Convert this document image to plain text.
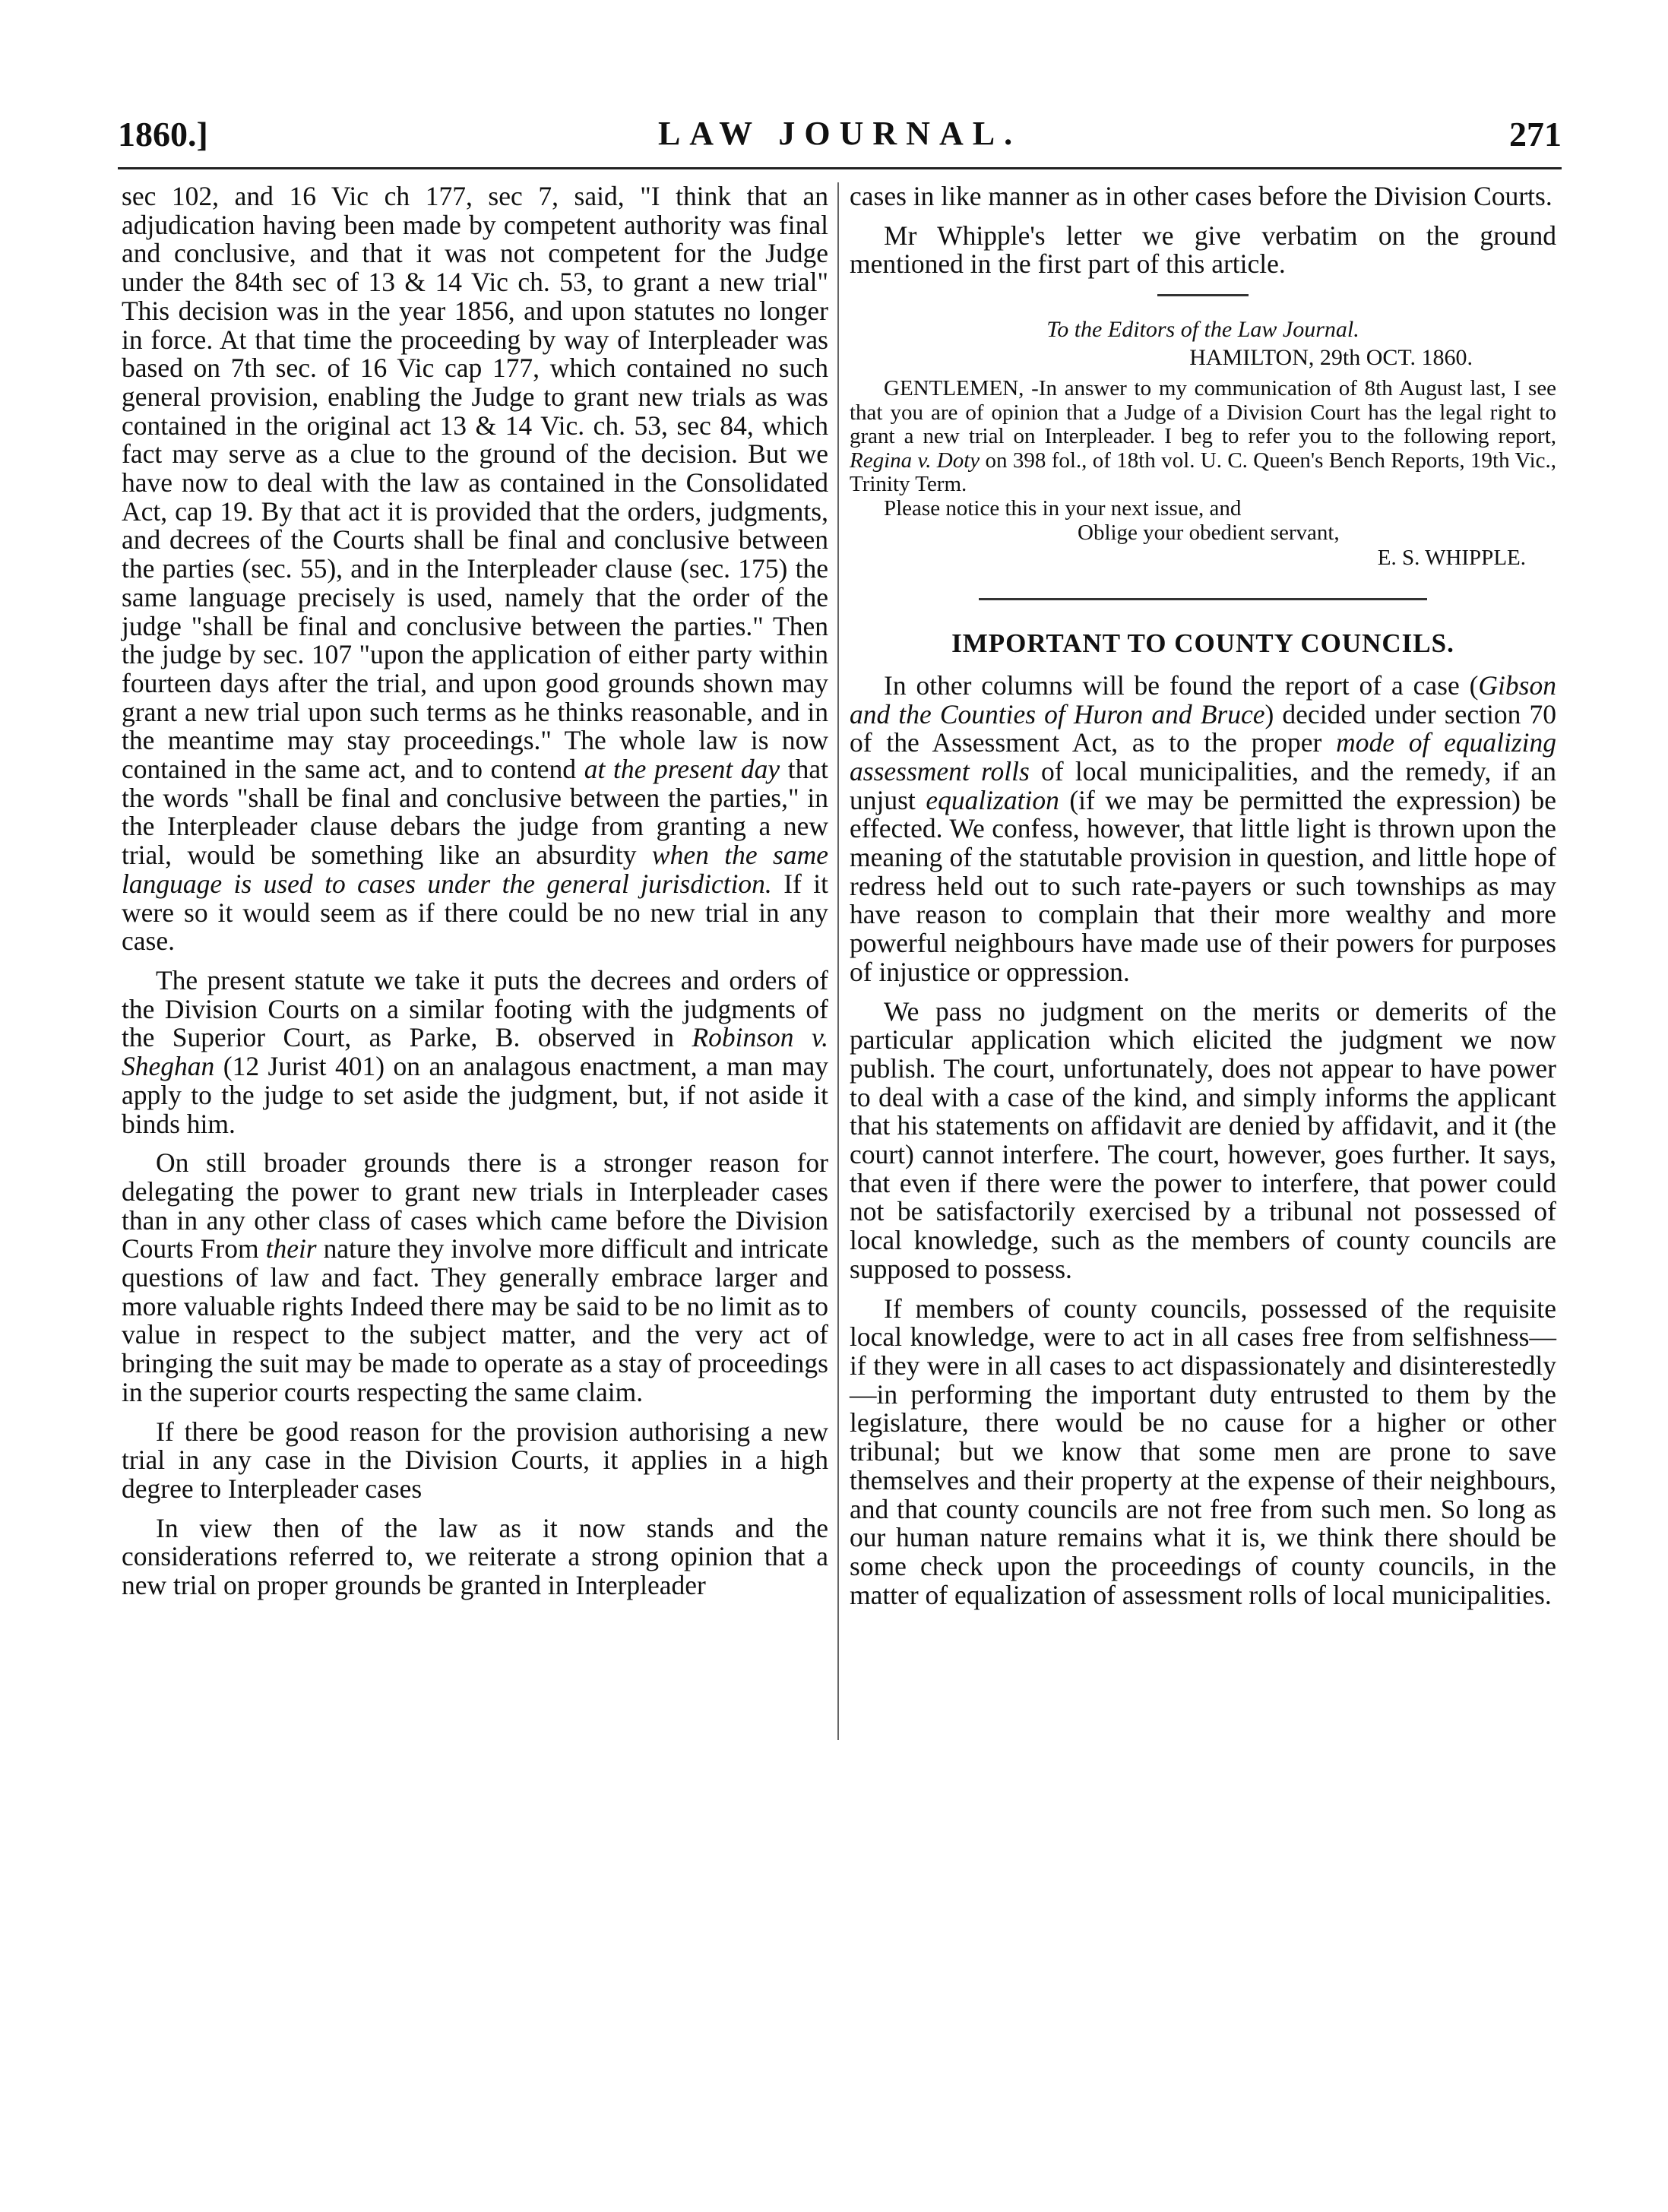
1860.]	LAW JOURNAL.	271

sec 102, and 16 Vic ch 177, sec 7, said, "I think that an adjudication having been made by competent authority was final and conclusive, and that it was not competent for the Judge under the 84th sec of 13 & 14 Vic ch. 53, to grant a new trial" This decision was in the year 1856, and upon statutes no longer in force. At that time the proceeding by way of Interpleader was based on 7th sec. of 16 Vic cap 177, which contained no such general provision, enabling the Judge to grant new trials as was contained in the original act 13 & 14 Vic. ch. 53, sec 84, which fact may serve as a clue to the ground of the decision. But we have now to deal with the law as contained in the Consolidated Act, cap 19. By that act it is provided that the orders, judgments, and decrees of the Courts shall be final and conclusive between the parties (sec. 55), and in the Interpleader clause (sec. 175) the same language precisely is used, namely that the order of the judge "shall be final and conclusive between the parties." Then the judge by sec. 107 "upon the application of either party within fourteen days after the trial, and upon good grounds shown may grant a new trial upon such terms as he thinks reasonable, and in the meantime may stay proceedings." The whole law is now contained in the same act, and to contend at the present day that the words "shall be final and conclusive between the parties," in the Interpleader clause debars the judge from granting a new trial, would be something like an absurdity when the same language is used to cases under the general jurisdiction. If it were so it would seem as if there could be no new trial in any case.

The present statute we take it puts the decrees and orders of the Division Courts on a similar footing with the judgments of the Superior Court, as Parke, B. observed in Robinson v. Sheghan (12 Jurist 401) on an analagous enactment, a man may apply to the judge to set aside the judgment, but, if not aside it binds him.

On still broader grounds there is a stronger reason for delegating the power to grant new trials in Interpleader cases than in any other class of cases which came before the Division Courts From their nature they involve more difficult and intricate questions of law and fact. They generally embrace larger and more valuable rights Indeed there may be said to be no limit as to value in respect to the subject matter, and the very act of bringing the suit may be made to operate as a stay of proceedings in the superior courts respecting the same claim.

If there be good reason for the provision authorising a new trial in any case in the Division Courts, it applies in a high degree to Interpleader cases

In view then of the law as it now stands and the considerations referred to, we reiterate a strong opinion that a new trial on proper grounds be granted in Interpleader

cases in like manner as in other cases before the Division Courts.

Mr Whipple's letter we give verbatim on the ground mentioned in the first part of this article.

To the Editors of the Law Journal.
HAMILTON, 29th OCT. 1860.

GENTLEMEN, -In answer to my communication of 8th August last, I see that you are of opinion that a Judge of a Division Court has the legal right to grant a new trial on Interpleader. I beg to refer you to the following report, Regina v. Doty on 398 fol., of 18th vol. U. C. Queen's Bench Reports, 19th Vic., Trinity Term.

Please notice this in your next issue, and

Oblige your obedient servant,
E. S. WHIPPLE.
IMPORTANT TO COUNTY COUNCILS.

In other columns will be found the report of a case (Gibson and the Counties of Huron and Bruce) decided under section 70 of the Assessment Act, as to the proper mode of equalizing assessment rolls of local municipalities, and the remedy, if an unjust equalization (if we may be permitted the expression) be effected. We confess, however, that little light is thrown upon the meaning of the statutable provision in question, and little hope of redress held out to such rate-payers or such townships as may have reason to complain that their more wealthy and more powerful neighbours have made use of their powers for purposes of injustice or oppression.

We pass no judgment on the merits or demerits of the particular application which elicited the judgment we now publish. The court, unfortunately, does not appear to have power to deal with a case of the kind, and simply informs the applicant that his statements on affidavit are denied by affidavit, and it (the court) cannot interfere. The court, however, goes further. It says, that even if there were the power to interfere, that power could not be satisfactorily exercised by a tribunal not possessed of local knowledge, such as the members of county councils are supposed to possess.

If members of county councils, possessed of the requisite local knowledge, were to act in all cases free from selfishness—if they were in all cases to act dispassionately and disinterestedly—in performing the important duty entrusted to them by the legislature, there would be no cause for a higher or other tribunal; but we know that some men are prone to save themselves and their property at the expense of their neighbours, and that county councils are not free from such men. So long as our human nature remains what it is, we think there should be some check upon the proceedings of county councils, in the matter of equalization of assessment rolls of local municipalities.
